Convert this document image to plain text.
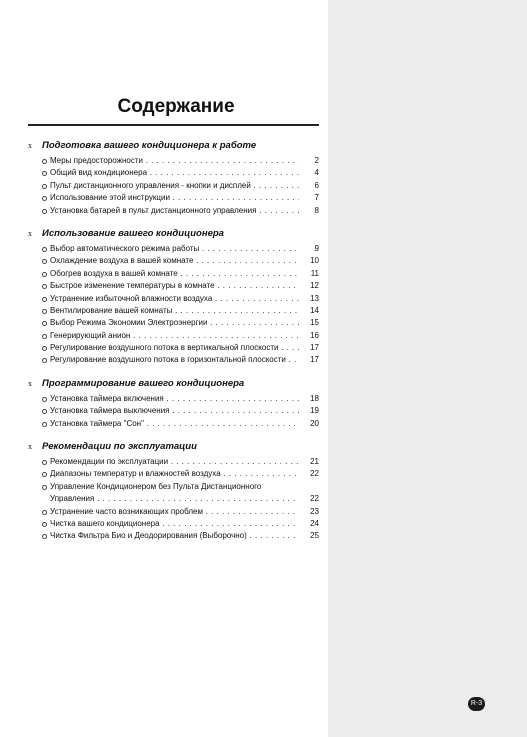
Содержание
x Подготовка вашего кондиционера к работе
Меры предосторожности . . .	2
Общий вид кондиционера . . .	4
Пульт дистанционного управления - кнопки и дисплей . . .	6
Использование этой инструкции . . .	7
Установка батарей в пульт дистанционного управления . . .	8
x Использование вашего кондиционера
Выбор автоматического режима работы . . .	9
Охлаждение воздуха в вашей комнате . . .	10
Обогрев воздуха в вашей комнате . . .	11
Быстрое изменение температуры в комнате . . .	12
Устранение избыточной влажности воздуха . . .	13
Вентилирование вашей комнаты . . .	14
Выбор Режима Экономии Электроэнергии . . .	15
Генерирующий анион . . .	16
Регулирование воздушного потока в вертикальной плоскости . . .	17
Регулирование воздушного потока в горизонтальной плоскости . . .	17
x Программирование вашего кондиционера
Установка таймера включения . . .	18
Установка таймера выключения . . .	19
Установка таймера "Сон" . . .	20
x Рекомендации по эксплуатации
Рекомендации по эксплуатации . . .	21
Диапазоны температур и влажностей воздуха . . .	22
Управление Кондиционером без Пульта Дистанционного
Управления . . .	22
Устранение часто возникающих проблем . . .	23
Чистка вашего кондиционера . . .	24
Чистка Фильтра Био и Деодорирования (Выборочно) . . .	25
R-3
